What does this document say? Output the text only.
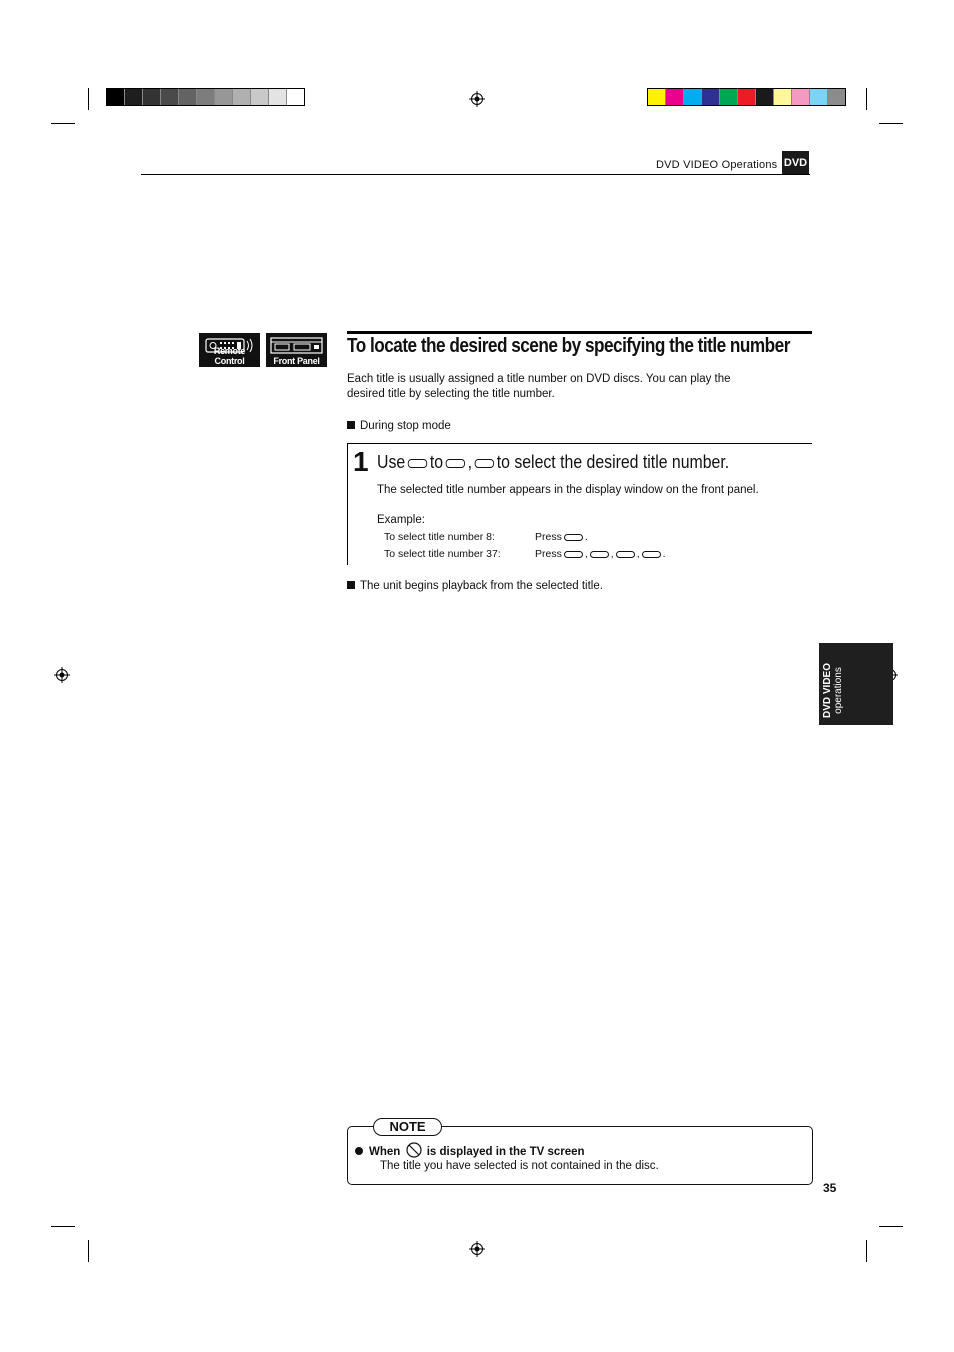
DVD VIDEO Operations DVD
Remote Control	Front Panel
To locate the desired scene by specifying the title number
Each title is usually assigned a title number on DVD discs. You can play the
desired title by selecting the title number.
During stop mode
1 Use to , to select the desired title number.
The selected title number appears in the display window on the front panel.
Example:
To select title number 8:	Press .
To select title number 37:	Press , , , .
The unit begins playback from the selected title.
DVD VIDEO operations
NOTE
When is displayed in the TV screen
The title you have selected is not contained in the disc.
35
